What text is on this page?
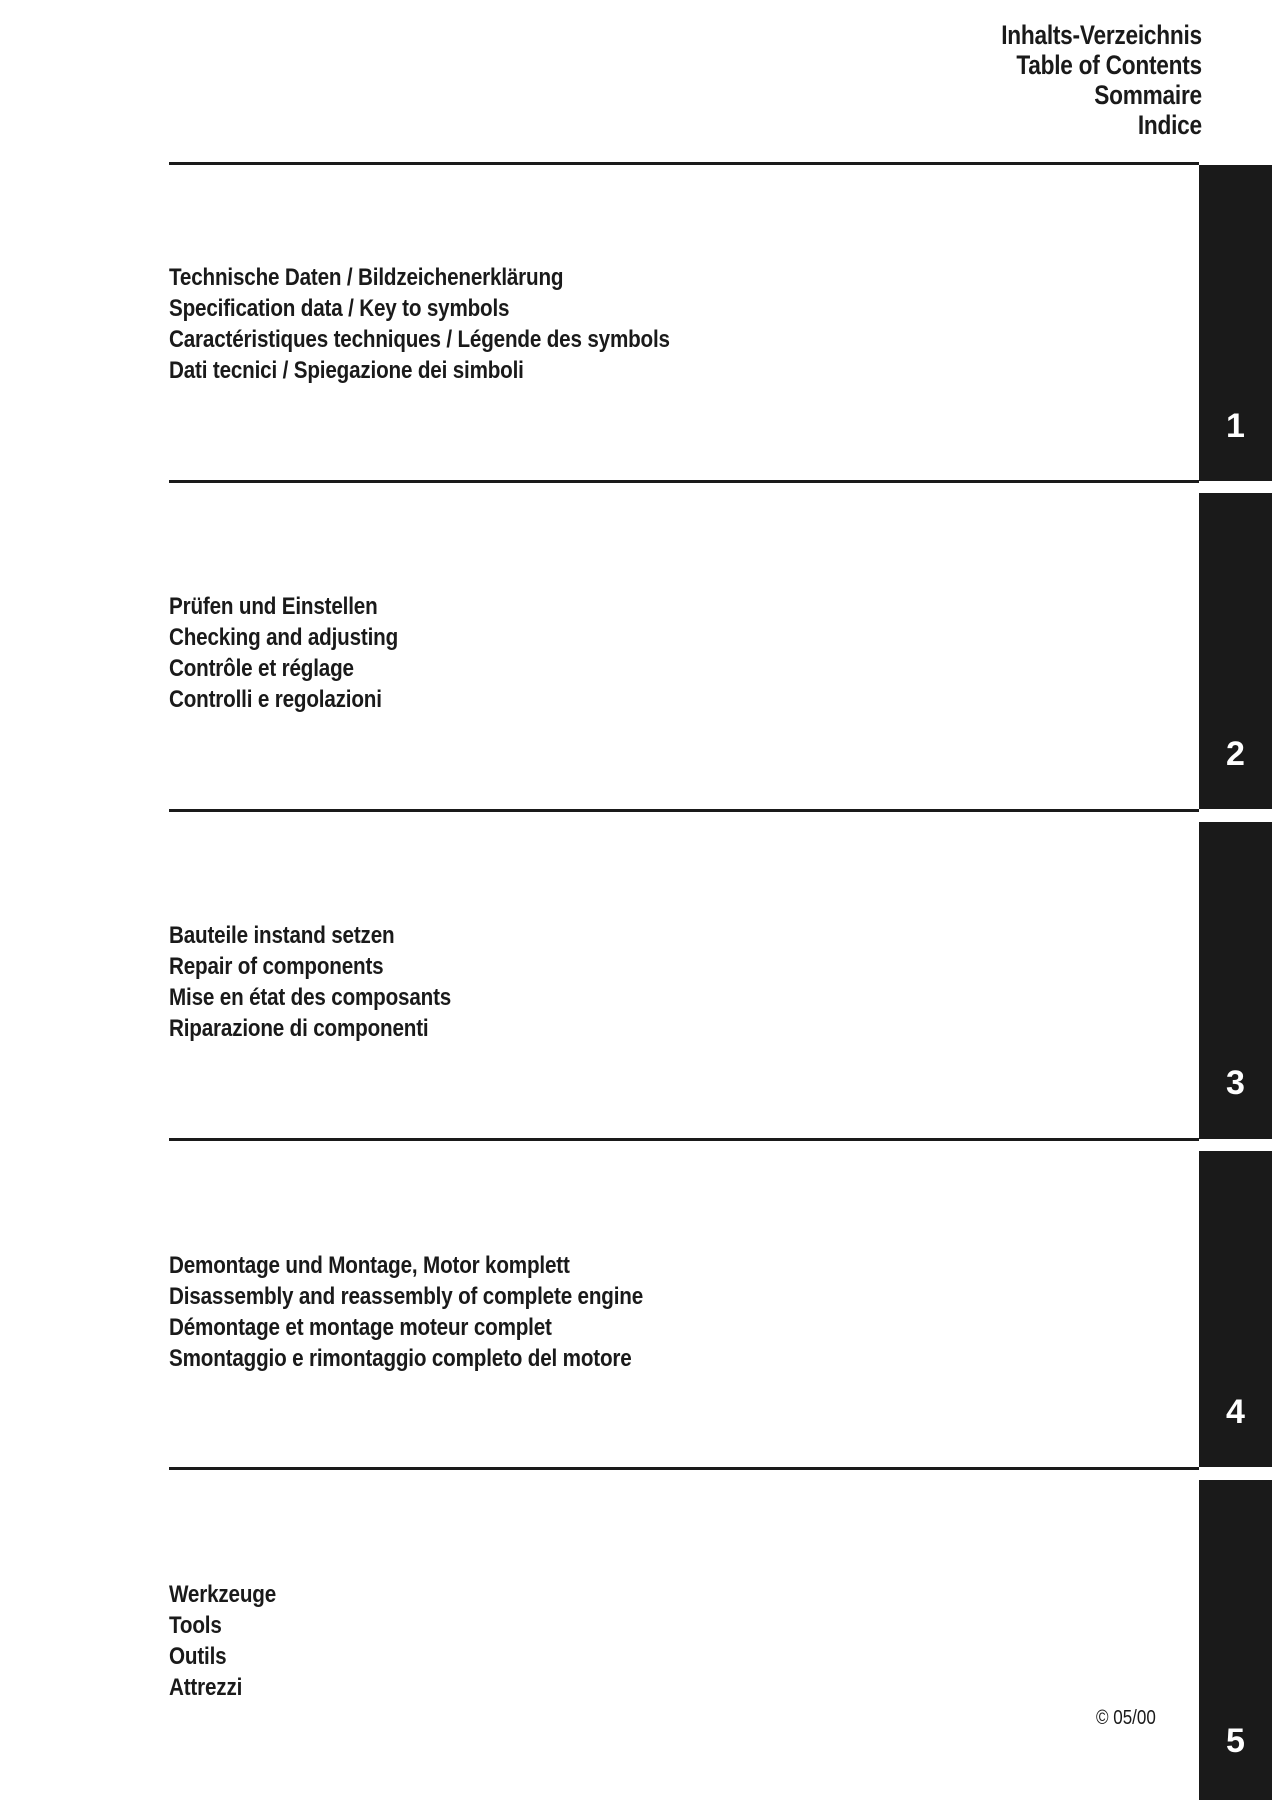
Inhalts-Verzeichnis
Table of Contents
Sommaire
Indice
1
Technische Daten / Bildzeichenerklärung
Specification data / Key to symbols
Caractéristiques techniques / Légende des symbols
Dati tecnici / Spiegazione dei simboli
2
Prüfen und Einstellen
Checking and adjusting
Contrôle et réglage
Controlli e regolazioni
3
Bauteile instand setzen
Repair of components
Mise en état des composants
Riparazione di componenti
4
Demontage und Montage, Motor komplett
Disassembly and reassembly of complete engine
Démontage et montage moteur complet
Smontaggio e rimontaggio completo del motore
5
Werkzeuge
Tools
Outils
Attrezzi
© 05/00
